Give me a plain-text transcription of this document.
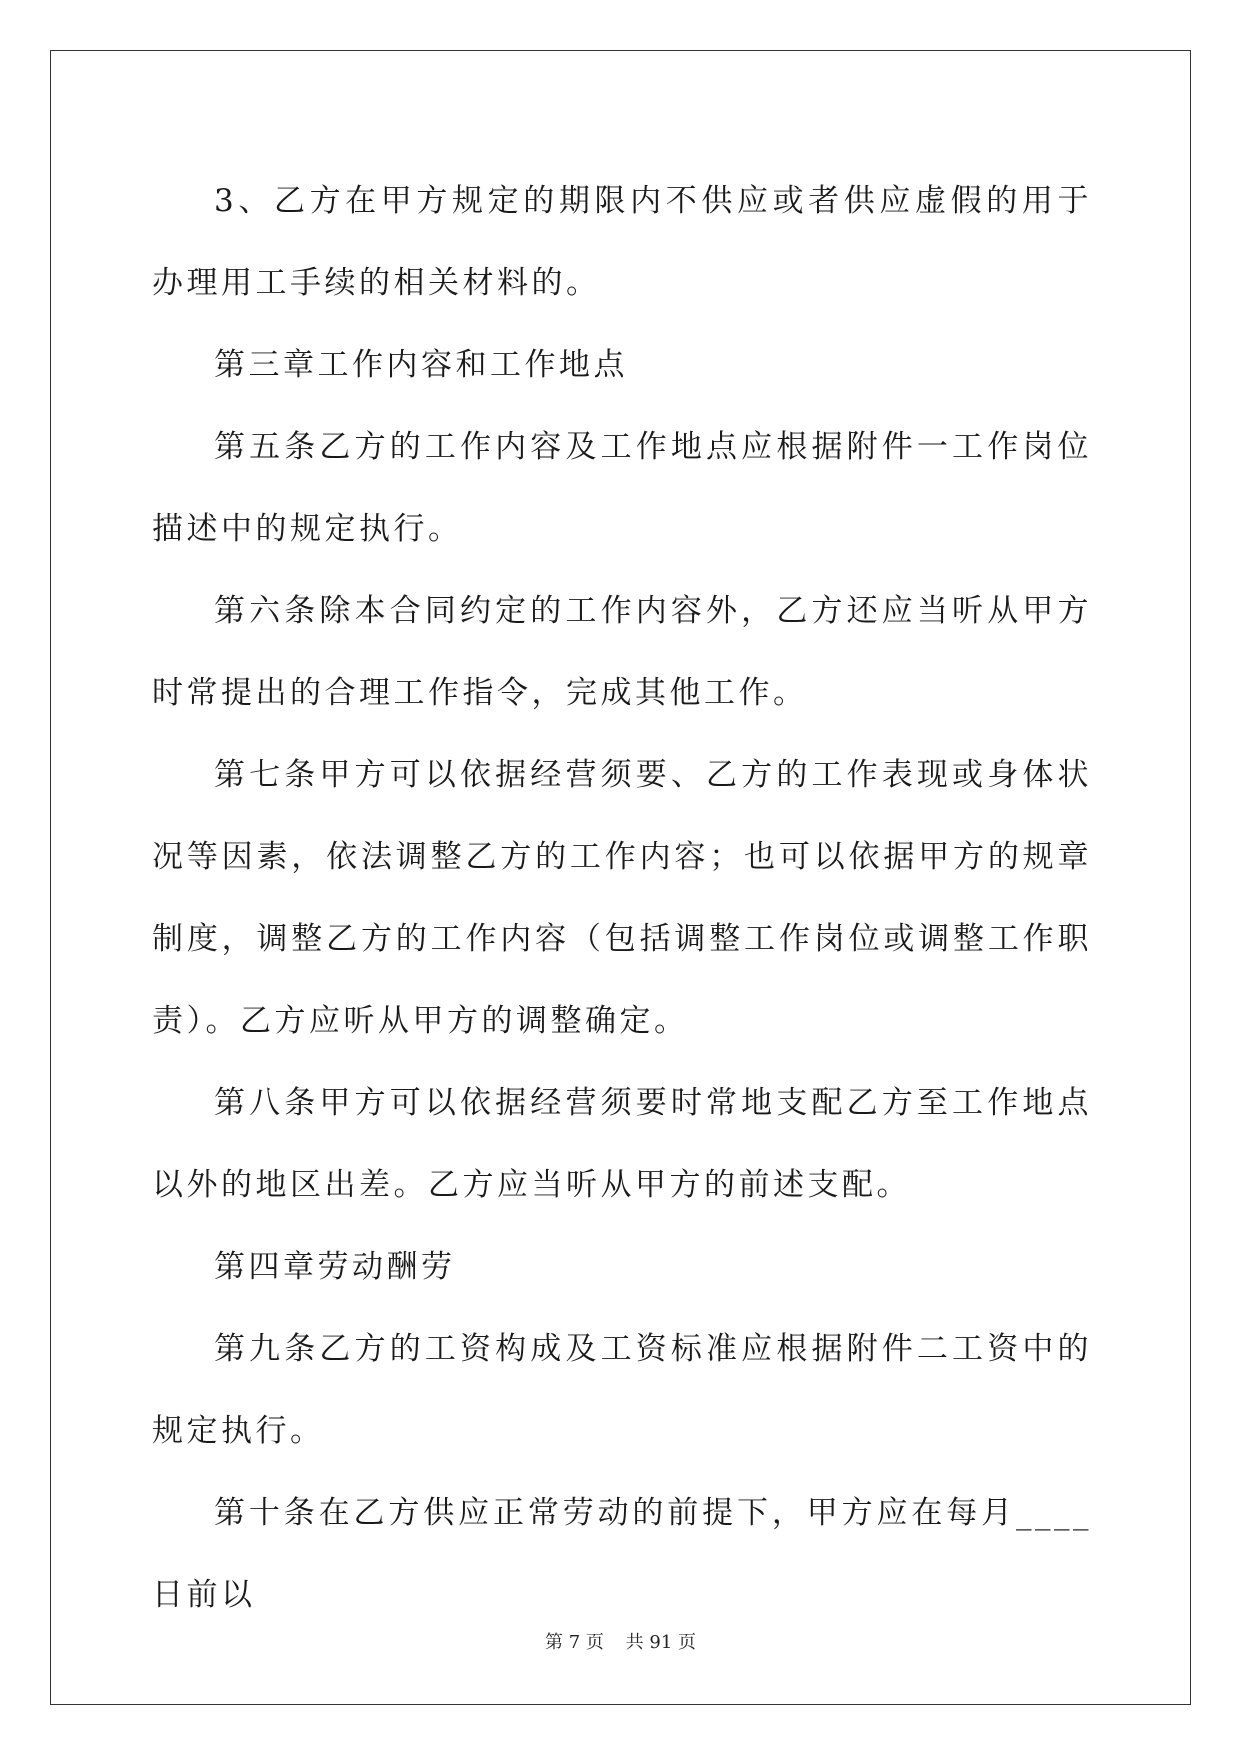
3、乙方在甲方规定的期限内不供应或者供应虚假的用于办理用工手续的相关材料的。

第三章工作内容和工作地点

第五条乙方的工作内容及工作地点应根据附件一工作岗位描述中的规定执行。

第六条除本合同约定的工作内容外，乙方还应当听从甲方时常提出的合理工作指令，完成其他工作。

第七条甲方可以依据经营须要、乙方的工作表现或身体状况等因素，依法调整乙方的工作内容；也可以依据甲方的规章制度，调整乙方的工作内容（包括调整工作岗位或调整工作职责）。乙方应听从甲方的调整确定。

第八条甲方可以依据经营须要时常地支配乙方至工作地点以外的地区出差。乙方应当听从甲方的前述支配。

第四章劳动酬劳

第九条乙方的工资构成及工资标准应根据附件二工资中的规定执行。

第十条在乙方供应正常劳动的前提下，甲方应在每月____日前以

第 7 页 共 91 页
